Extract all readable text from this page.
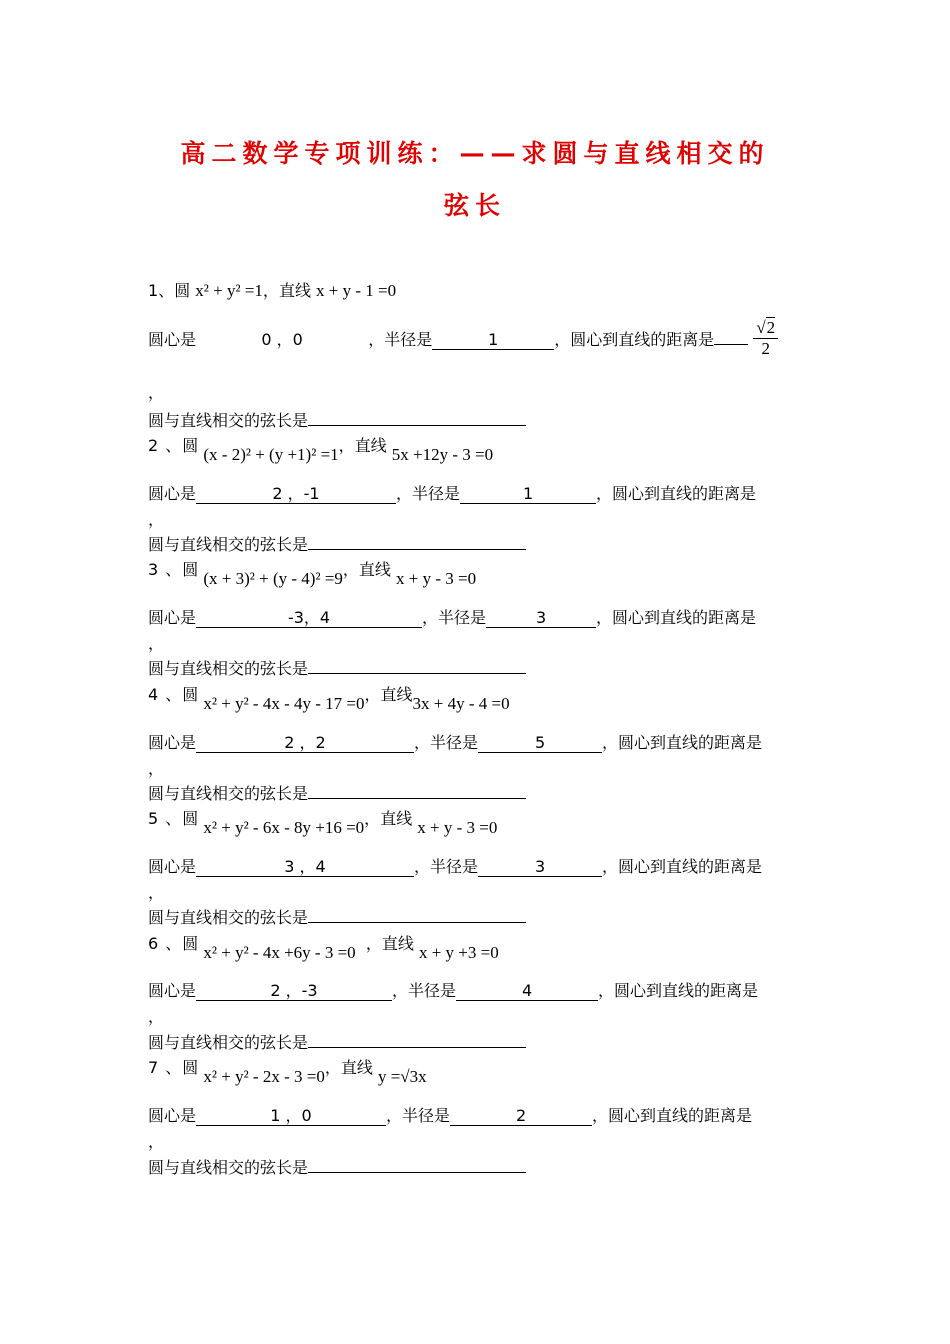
高二数学专项训练：——求圆与直线相交的
弦长
1、圆 x² + y² =1，直线 x + y - 1 =0
圆心是	0 ，0	，半径是	1	，圆心到直线的距离是 $\frac{√2}{2}$
，
圆与直线相交的弦长是
2 、圆 (x - 2)² + (y +1)² =1，直线 5x +12y - 3 =0
圆心是	2 ，-1	，半径是	1	，圆心到直线的距离是
，
圆与直线相交的弦长是
3 、圆 (x + 3)² + (y - 4)² =9，直线 x + y - 3 =0
圆心是	-3，4	，半径是	3	，圆心到直线的距离是
，
圆与直线相交的弦长是
4 、圆 x² + y² - 4x - 4y - 17 =0，直线3x + 4y - 4 =0
圆心是	2 ，2	，半径是	5	，圆心到直线的距离是
，
圆与直线相交的弦长是
5 、圆 x² + y² - 6x - 8y +16 =0，直线 x + y - 3 =0
圆心是	3 ，4	，半径是	3	，圆心到直线的距离是
，
圆与直线相交的弦长是
6 、圆 x² + y² - 4x +6y - 3 =0 ，直线 x + y +3 =0
圆心是	2 ，-3	，半径是	4	，圆心到直线的距离是
，
圆与直线相交的弦长是
7 、圆 x² + y² - 2x - 3 =0，直线 y =√3x
圆心是	1 ，0	，半径是	2	，圆心到直线的距离是
，
圆与直线相交的弦长是
